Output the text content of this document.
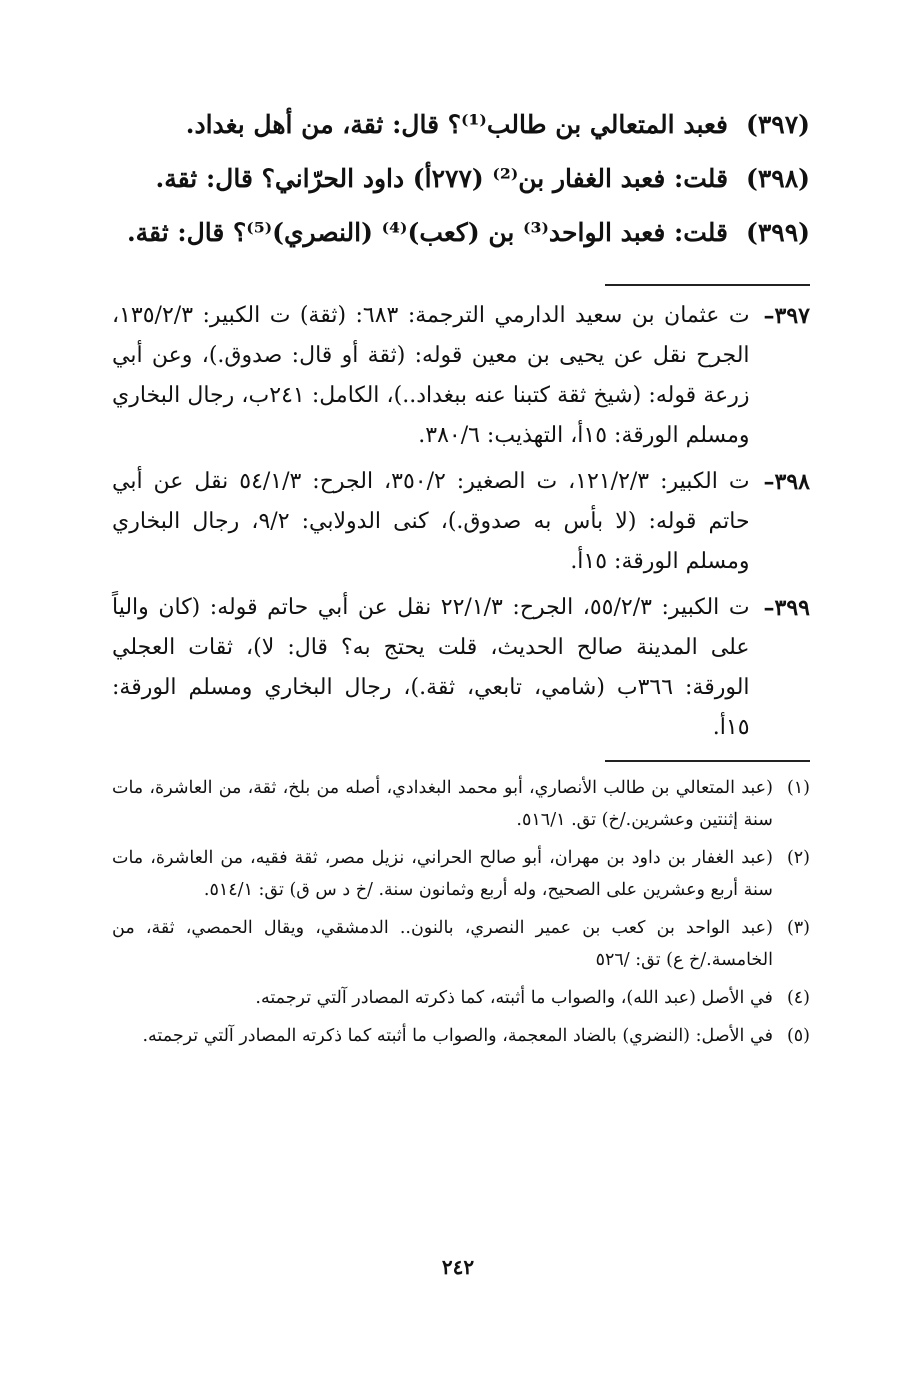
(٣٩٧)
فعبد المتعالي بن طالب⁽¹⁾؟ قال: ثقة، من أهل بغداد.
(٣٩٨)
قلت: فعبد الغفار بن⁽²⁾ (٢٧٧أ) داود الحرّاني؟ قال: ثقة.
(٣٩٩)
قلت: فعبد الواحد⁽³⁾ بن (كعب)⁽⁴⁾ (النصري)⁽⁵⁾؟ قال: ثقة.
٣٩٧–
ت عثمان بن سعيد الدارمي الترجمة: ٦٨٣: (ثقة) ت الكبير: ١٣٥/٢/٣، الجرح نقل عن يحيى بن معين قوله: (ثقة أو قال: صدوق.)، وعن أبي زرعة قوله: (شيخ ثقة كتبنا عنه ببغداد..)، الكامل: ٢٤١ب، رجال البخاري ومسلم الورقة: ١٥أ، التهذيب: ٣٨٠/٦.
٣٩٨–
ت الكبير: ١٢١/٢/٣، ت الصغير: ٣٥٠/٢، الجرح: ٥٤/١/٣ نقل عن أبي حاتم قوله: (لا بأس به صدوق.)، كنى الدولابي: ٩/٢، رجال البخاري ومسلم الورقة: ١٥أ.
٣٩٩–
ت الكبير: ٥٥/٢/٣، الجرح: ٢٢/١/٣ نقل عن أبي حاتم قوله: (كان والياً على المدينة صالح الحديث، قلت يحتج به؟ قال: لا)، ثقات العجلي الورقة: ٣٦٦ب (شامي، تابعي، ثقة.)، رجال البخاري ومسلم الورقة: ١٥أ.
(١)
(عبد المتعالي بن طالب الأنصاري، أبو محمد البغدادي، أصله من بلخ، ثقة، من العاشرة، مات سنة إثنتين وعشرين./خ) تق. ٥١٦/١.
(٢)
(عبد الغفار بن داود بن مهران، أبو صالح الحراني، نزيل مصر، ثقة فقيه، من العاشرة، مات سنة أربع وعشرين على الصحيح، وله أربع وثمانون سنة. /خ د س ق) تق: ٥١٤/١.
(٣)
(عبد الواحد بن كعب بن عمير النصري، بالنون.. الدمشقي، ويقال الحمصي، ثقة، من الخامسة./خ ع) تق: /٥٢٦
(٤)
في الأصل (عبد الله)، والصواب ما أثبته، كما ذكرته المصادر آلتي ترجمته.
(٥)
في الأصل: (النضري) بالضاد المعجمة، والصواب ما أثبته كما ذكرته المصادر آلتي ترجمته.
٢٤٢
